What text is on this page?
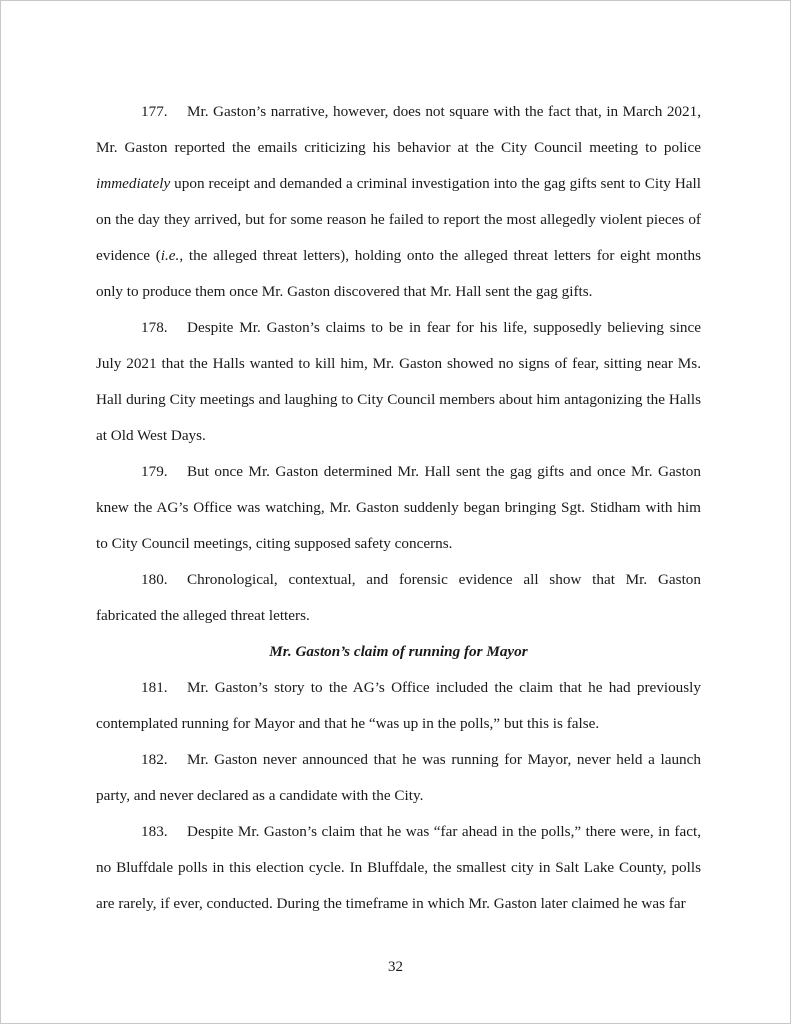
177. Mr. Gaston’s narrative, however, does not square with the fact that, in March 2021, Mr. Gaston reported the emails criticizing his behavior at the City Council meeting to police immediately upon receipt and demanded a criminal investigation into the gag gifts sent to City Hall on the day they arrived, but for some reason he failed to report the most allegedly violent pieces of evidence (i.e., the alleged threat letters), holding onto the alleged threat letters for eight months only to produce them once Mr. Gaston discovered that Mr. Hall sent the gag gifts.

178. Despite Mr. Gaston’s claims to be in fear for his life, supposedly believing since July 2021 that the Halls wanted to kill him, Mr. Gaston showed no signs of fear, sitting near Ms. Hall during City meetings and laughing to City Council members about him antagonizing the Halls at Old West Days.

179. But once Mr. Gaston determined Mr. Hall sent the gag gifts and once Mr. Gaston knew the AG’s Office was watching, Mr. Gaston suddenly began bringing Sgt. Stidham with him to City Council meetings, citing supposed safety concerns.

180. Chronological, contextual, and forensic evidence all show that Mr. Gaston fabricated the alleged threat letters.

Mr. Gaston’s claim of running for Mayor

181. Mr. Gaston’s story to the AG’s Office included the claim that he had previously contemplated running for Mayor and that he “was up in the polls,” but this is false.

182. Mr. Gaston never announced that he was running for Mayor, never held a launch party, and never declared as a candidate with the City.

183. Despite Mr. Gaston’s claim that he was “far ahead in the polls,” there were, in fact, no Bluffdale polls in this election cycle. In Bluffdale, the smallest city in Salt Lake County, polls are rarely, if ever, conducted. During the timeframe in which Mr. Gaston later claimed he was far

32
